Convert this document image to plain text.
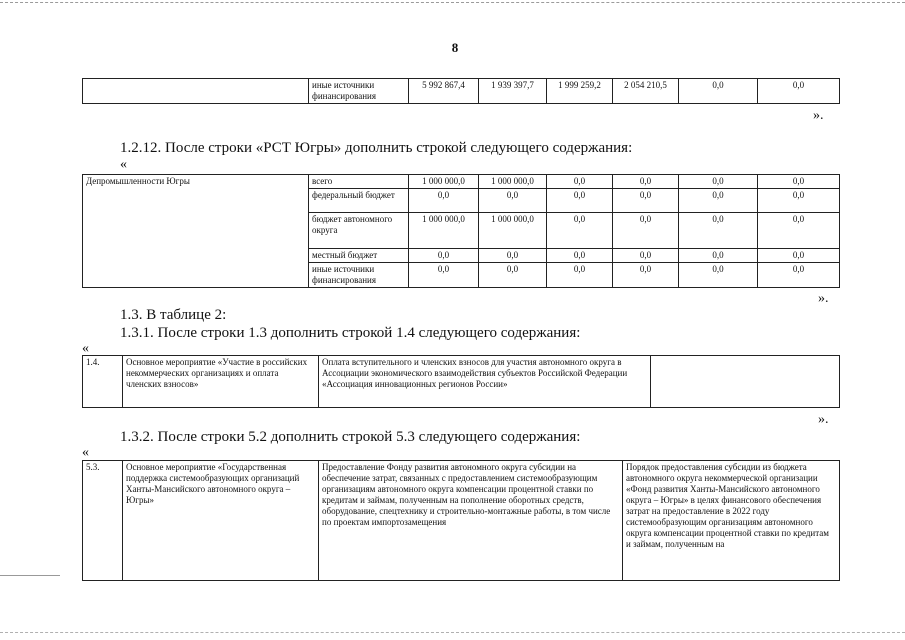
8
	иные источники финансирования	5 992 867,4	1 939 397,7	1 999 259,2	2 054 210,5	0,0	0,0
».
1.2.12. После строки «РСТ Югры» дополнить строкой следующего содержания:
«
Депромышленности Югры	всего	1 000 000,0	1 000 000,0	0,0	0,0	0,0	0,0
	федеральный бюджет	0,0	0,0	0,0	0,0	0,0	0,0
	бюджет автономного округа	1 000 000,0	1 000 000,0	0,0	0,0	0,0	0,0
	местный бюджет	0,0	0,0	0,0	0,0	0,0	0,0
	иные источники финансирования	0,0	0,0	0,0	0,0	0,0	0,0
».
1.3. В таблице 2:
1.3.1. После строки 1.3 дополнить строкой 1.4 следующего содержания:
«
1.4.	Основное мероприятие «Участие в российских некоммерческих организациях и оплата членских взносов»	Оплата вступительного и членских взносов для участия автономного округа в Ассоциации экономического взаимодействия субъектов Российской Федерации «Ассоциация инновационных регионов России»	
».
1.3.2. После строки 5.2 дополнить строкой 5.3 следующего содержания:
«
5.3.	Основное мероприятие «Государственная поддержка системообразующих организаций Ханты-Мансийского автономного округа – Югры»	Предоставление Фонду развития автономного округа субсидии на обеспечение затрат, связанных с предоставлением системообразующим организациям автономного округа компенсации процентной ставки по кредитам и займам, полученным на пополнение оборотных средств, оборудование, спецтехнику и строительно-монтажные работы, в том числе по проектам импортозамещения	Порядок предоставления субсидии из бюджета автономного округа некоммерческой организации «Фонд развития Ханты-Мансийского автономного округа – Югры» в целях финансового обеспечения затрат на предоставление в 2022 году системообразующим организациям автономного округа компенсации процентной ставки по кредитам и займам, полученным на
